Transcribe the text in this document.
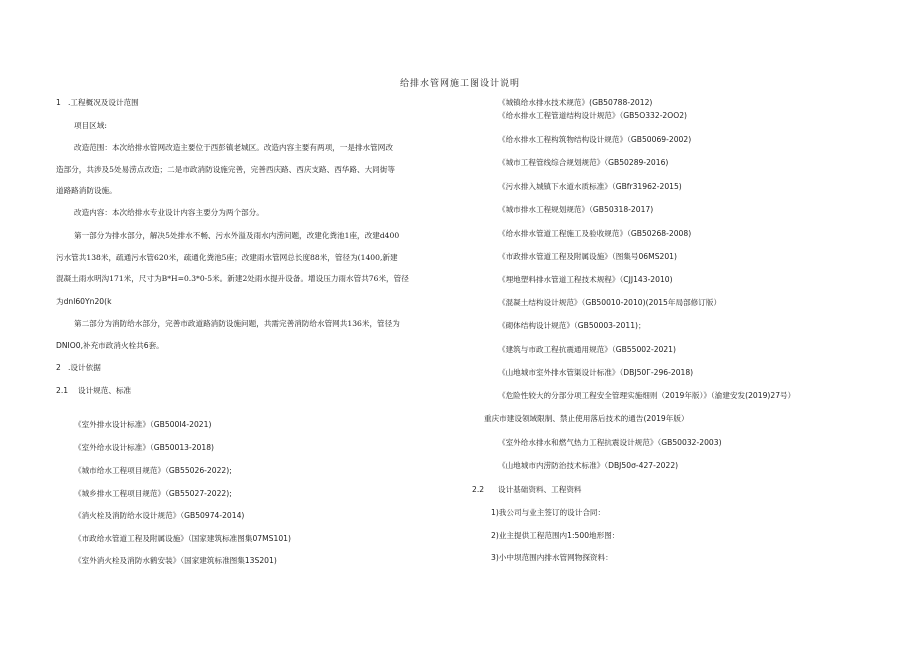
给排水管网施工图设计说明

1 .工程概况及设计范围

项目区域:

改造范围：本次给排水管网改造主要位于西彭镇老城区。改造内容主要有两项，一是排水管网改

造部分，共涉及5处易涝点改造；二是市政消防设施完善，完善西庆路、西庆支路、西华路、大同街等

道路路消防设施。

改造内容：本次给排水专业设计内容主要分为两个部分。

第一部分为排水部分，解决5处排水不畅、污水外溢及雨水内涝问题，改建化粪池1座，改建d400

污水管共138米，疏通污水管620米，疏通化粪池5座；改建雨水管网总长度88米，管径为(1400,新建

混凝土雨水明沟171米，尺寸为B*H=0.3*0-5米。新建2处雨水提升设备。增设压力雨水管共76米，管径

为dnl60Yn20(k

第二部分为消防给水部分，完善市政道路消防设施问题，共需完善消防给水管网共136米，管径为

DNIO0,补充市政消火栓共6套。

2 .设计依据

2.1 设计规范、标准

《室外排水设计标准》（GB500I4-2021)

《室外给水设计标准》（GB50013-2018)

《城市给水工程项目规范》（GB55026-2022);

《城乡排水工程项目规范》（GB55027-2022);

《消火栓及消防给水设计规范》（GB50974-2014)

《市政给水管道工程及附属设施》（国家建筑标准图集07MS101)

《室外消火栓及消防水鹤安装》（国家建筑标准图集13S201)

《城镇给水排水技术规范》(GB50788-2012)

《给水排水工程管道结构设计规范》（GB5O332-2OO2)

《给水排水工程构筑物结构设计规范》（GB50069-2002)

《城市工程管线综合规划规范》（GB50289-2016)

《污水排入城镇下水道水质标准》（GBfr31962-2015)

《城市排水工程规划规范》（GB50318-2017)

《给水排水管道工程施工及验收规范》（GB50268-2008)

《市政排水管道工程及附属设施》（图集号06MS201)

《埋地塑料排水管道工程技术规程》（CJJ143-2010)

《混凝土结构设计规范》（GB50010-2010)(2015年局部修订版）

《砌体结构设计规范》（GB50003-2011)；

《建筑与市政工程抗震通用规范》（GB55002-2021)

《山地城市室外排水管渠设计标准》（DBJ50Г-296-2018)

《危险性较大的分部分项工程安全管理实施细则（2019年版）》（渝建安发(2019)27号）

重庆市建设领域限制、禁止使用落后技术的通告(2019年版）

《室外给水排水和燃气热力工程抗震设计规范》（GB50032-2003)

《山地城市内涝防治技术标准》（DBJ50σ-427-2022)

2.2 设计基础资料、工程资料

1)我公司与业主签订的设计合同：

2)业主提供工程范围内1:500地形图：

3)小中坝范围内排水管网物探资料：
